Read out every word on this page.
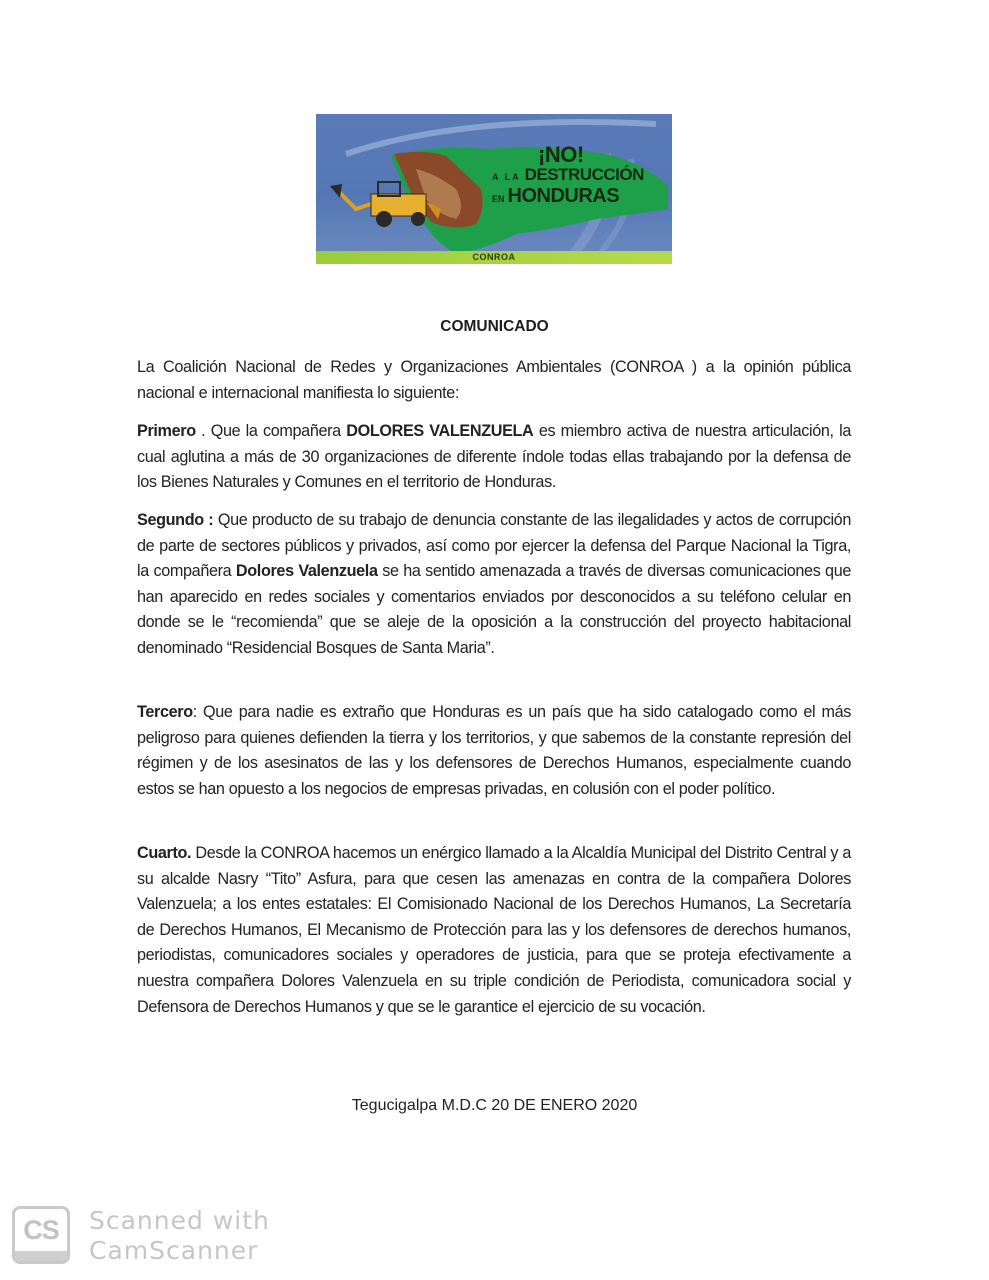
¡NO!
A LA DESTRUCCIÓN
EN HONDURAS
CONROA
COMUNICADO

La Coalición Nacional de Redes y Organizaciones Ambientales (CONROA ) a la opinión pública nacional e internacional manifiesta lo siguiente:

Primero . Que la compañera DOLORES VALENZUELA es miembro activa de nuestra articulación, la cual aglutina a más de 30 organizaciones de diferente índole todas ellas trabajando por la defensa de los Bienes Naturales y Comunes en el territorio de Honduras.

Segundo : Que producto de su trabajo de denuncia constante de las ilegalidades y actos de corrupción de parte de sectores públicos y privados, así como por ejercer la defensa del Parque Nacional la Tigra, la compañera Dolores Valenzuela se ha sentido amenazada a través de diversas comunicaciones que han aparecido en redes sociales y comentarios enviados por desconocidos a su teléfono celular en donde se le “recomienda” que se aleje de la oposición a la construcción del proyecto habitacional denominado “Residencial Bosques de Santa Maria”.

Tercero: Que para nadie es extraño que Honduras es un país que ha sido catalogado como el más peligroso para quienes defienden la tierra y los territorios, y que sabemos de la constante represión del régimen y de los asesinatos de las y los defensores de Derechos Humanos, especialmente cuando estos se han opuesto a los negocios de empresas privadas, en colusión con el poder político.

Cuarto. Desde la CONROA hacemos un enérgico llamado a la Alcaldía Municipal del Distrito Central y a su alcalde Nasry “Tito” Asfura, para que cesen las amenazas en contra de la compañera Dolores Valenzuela; a los entes estatales: El Comisionado Nacional de los Derechos Humanos, La Secretaría de Derechos Humanos, El Mecanismo de Protección para las y los defensores de derechos humanos, periodistas, comunicadores sociales y operadores de justicia, para que se proteja efectivamente a nuestra compañera Dolores Valenzuela en su triple condición de Periodista, comunicadora social y Defensora de Derechos Humanos y que se le garantice el ejercicio de su vocación.

Tegucigalpa M.D.C 20 DE ENERO 2020
CS	Scanned with
CamScanner
